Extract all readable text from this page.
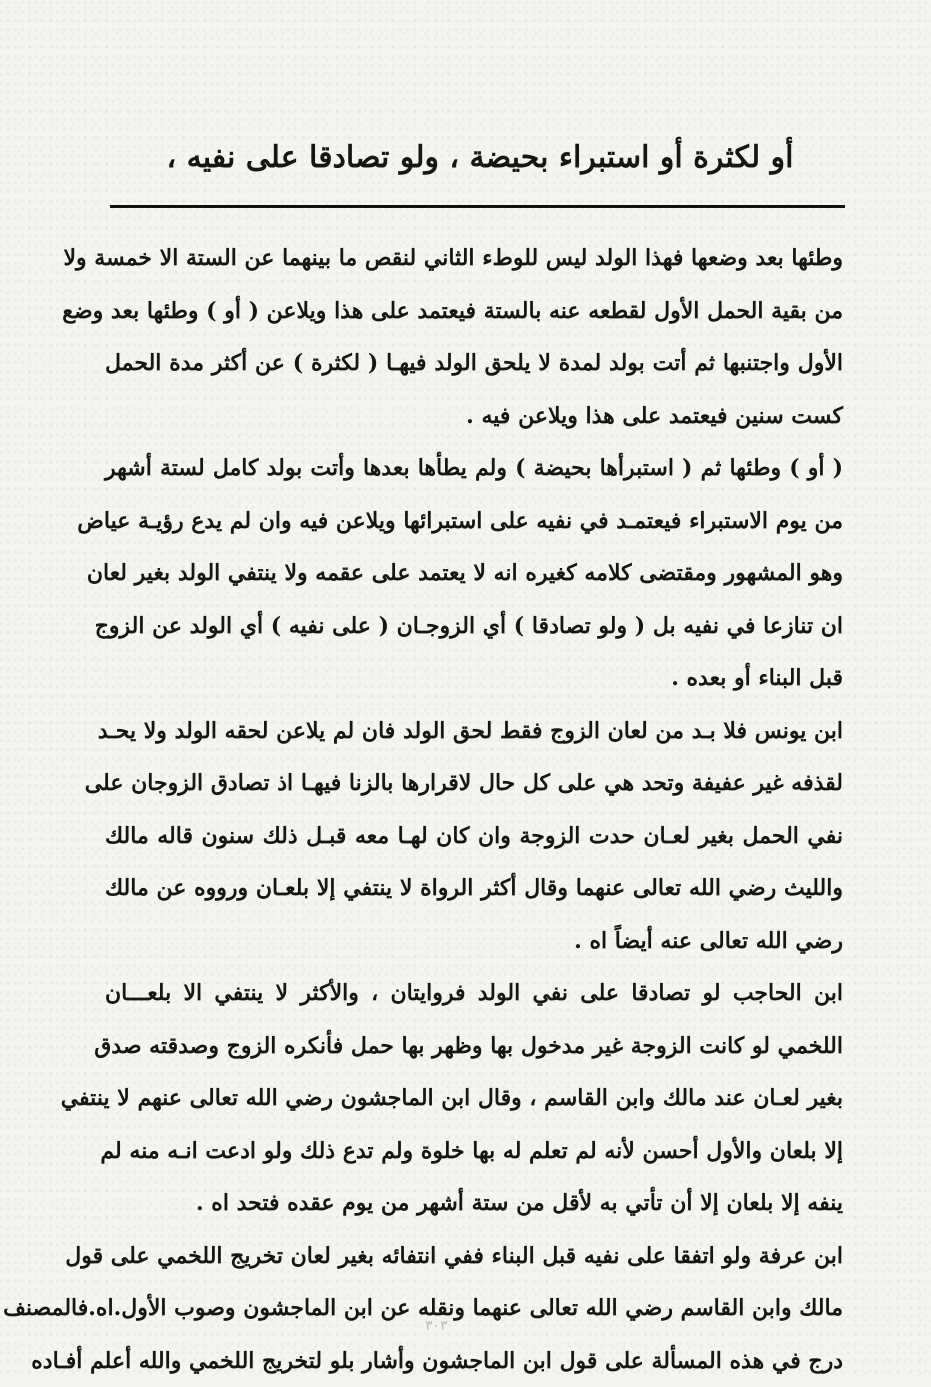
أو لكثرة أو استبراء بحيضة ، ولو تصادقا على نفيه ،

وطئها بعد وضعها فهذا الولد ليس للوطء الثاني لنقص ما بينهما عن الستة الا خمسة ولا
من بقية الحمل الأول لقطعه عنه بالستة فيعتمد على هذا ويلاعن ( أو ) وطئها بعد وضع
الأول واجتنبها ثم أتت بولد لمدة لا يلحق الولد فيهـا ( لكثرة ) عن أكثر مدة الحمل
كست سنين فيعتمد على هذا ويلاعن فيه .

( أو ) وطئها ثم ( استبرأها بحيضة ) ولم يطأها بعدها وأتت بولد كامل لستة أشهر
من يوم الاستبراء فيعتمـد في نفيه على استبرائها ويلاعن فيه وان لم يدع رؤيـة عياض
وهو المشهور ومقتضى كلامه كغيره انه لا يعتمد على عقمه ولا ينتفي الولد بغير لعان
ان تنازعا في نفيه بل ( ولو تصادقا ) أي الزوجـان ( على نفيه ) أي الولد عن الزوج
قبل البناء أو بعده .

ابن يونس فلا بـد من لعان الزوج فقط لحق الولد فان لم يلاعن لحقه الولد ولا يحـد
لقذفه غير عفيفة وتحد هي على كل حال لاقرارها بالزنا فيهـا اذ تصادق الزوجان على
نفي الحمل بغير لعـان حدت الزوجة وان كان لهـا معه قبـل ذلك سنون قاله مالك
والليث رضي الله تعالى عنهما وقال أكثر الرواة لا ينتفي إلا بلعـان ورووه عن مالك
رضي الله تعالى عنه أيضاً اه .

ابن الحاجب لو تصادقا على نفي الولد فروايتان ، والأكثر لا ينتفي الا بلعـــان
اللخمي لو كانت الزوجة غير مدخول بها وظهر بها حمل فأنكره الزوج وصدقته صدق
بغير لعـان عند مالك وابن القاسم ، وقال ابن الماجشون رضي الله تعالى عنهم لا ينتفي
إلا بلعان والأول أحسن لأنه لم تعلم له بها خلوة ولم تدع ذلك ولو ادعت انـه منه لم
ينفه إلا بلعان إلا أن تأتي به لأقل من ستة أشهر من يوم عقده فتحد اه .

ابن عرفة ولو اتفقا على نفيه قبل البناء ففي انتفائه بغير لعان تخريج اللخمي على قول
مالك وابن القاسم رضي الله تعالى عنهما ونقله عن ابن الماجشون وصوب الأول.اه.فالمصنف
درج في هذه المسألة على قول ابن الماجشون وأشار بلو لتخريج اللخمي والله أعلم أفـاده

٣٠٣
